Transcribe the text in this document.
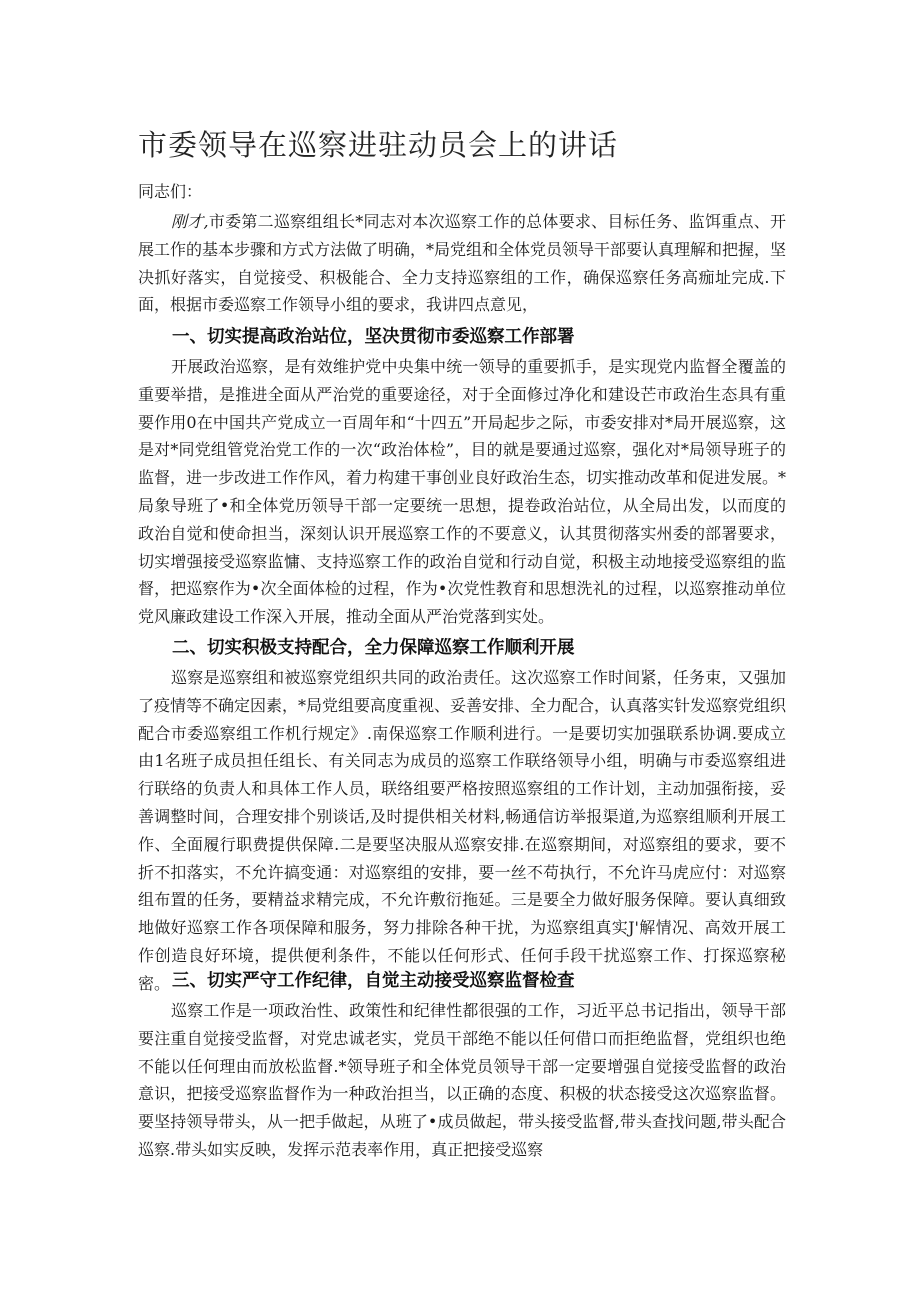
市委领导在巡察进驻动员会上的讲话
同志们：

刚才,市委第二巡察组组长*同志对本次巡察工作的总体要求、目标任务、监饵重点、开展工作的基本步骤和方式方法做了明确，*局党组和全体党员领导干部要认真理解和把握，坚决抓好落实，自觉接受、积极能合、全力支持巡察组的工作，确保巡察任务高痂址完成.下面，根据市委巡察工作领导小组的要求，我讲四点意见，

一、切实提高政治站位，坚决贯彻市委巡察工作部署

开展政治巡察，是有效维护党中央集中统一领导的重要抓手，是实现党内监督全覆盖的重要举措，是推进全面从严治党的重要途径，对于全面修过净化和建设芒市政治生态具有重要作用0在中国共产党成立一百周年和“十四五”开局起步之际，市委安排对*局开展巡察，这是对*同党组管党治党工作的一次“政治体检”，目的就是要通过巡察，强化对*局领导班子的监督，进一步改进工作作风，着力构建干事创业良好政治生态，切实推动改革和促进发展。*局象导班了•和全体党历领导干部一定要统一思想，提卷政治站位，从全局出发，以而度的政治自觉和使命担当，深刻认识开展巡察工作的不要意义，认其贯彻落实州委的部署要求，切实增强接受巡察监慵、支持巡察工作的政治自觉和行动自觉，积极主动地接受巡察组的监督，把巡察作为•次全面体检的过程，作为•次党性教育和思想洗礼的过程，以巡察推动单位党风廉政建设工作深入开展，推动全面从严治党落到实处。

二、切实积极支持配合，全力保障巡察工作顺利开展

巡察是巡察组和被巡察党组织共同的政治责任。这次巡察工作时间紧，任务束，又强加了疫情等不确定因素，*局党组要高度重视、妥善安排、全力配合，认真落实针发巡察党组织配合市委巡察组工作机行规定》.南保巡察工作顺利进行。一是要切实加强联系协调.要成立由1名班子成员担任组长、有关同志为成员的巡察工作联络领导小组，明确与市委巡察组进行联络的负责人和具体工作人员，联络组要严格按照巡察组的工作计划，主动加强衔接，妥善调整时间，合理安排个别谈话,及时提供相关材料,畅通信访举报渠道,为巡察组顺利开展工作、全面履行职费提供保障.二是要坚决服从巡察安排.在巡察期间，对巡察组的要求，要不折不扣落实，不允许搞变通：对巡察组的安排，要一丝不苟执行，不允许马虎应付：对巡察组布置的任务，要精益求精完成，不允许敷衍拖延。三是要全力做好服务保障。要认真细致地做好巡察工作各项保障和服务，努力排除各种干扰，为巡察组真实J'解情况、高效开展工作创造良好环境，提供便利条件，不能以任何形式、任何手段干扰巡察工作、打探巡察秘密。 三、切实严守工作纪律，自觉主动接受巡察监督检查

巡察工作是一项政治性、政策性和纪律性都很强的工作，习近平总书记指出，领导干部要注重自觉接受监督，对党忠诚老实，党员干部绝不能以任何借口而拒绝监督，党组织也绝不能以任何理由而放松监督.*领导班子和全体党员领导干部一定要增强自觉接受监督的政治意识，把接受巡察监督作为一种政治担当，以正确的态度、积极的状态接受这次巡察监督。要坚持领导带头，从一把手做起，从班了•成员做起，带头接受监督,带头查找问题,带头配合巡察.带头如实反映，发挥示范表率作用，真正把接受巡察
